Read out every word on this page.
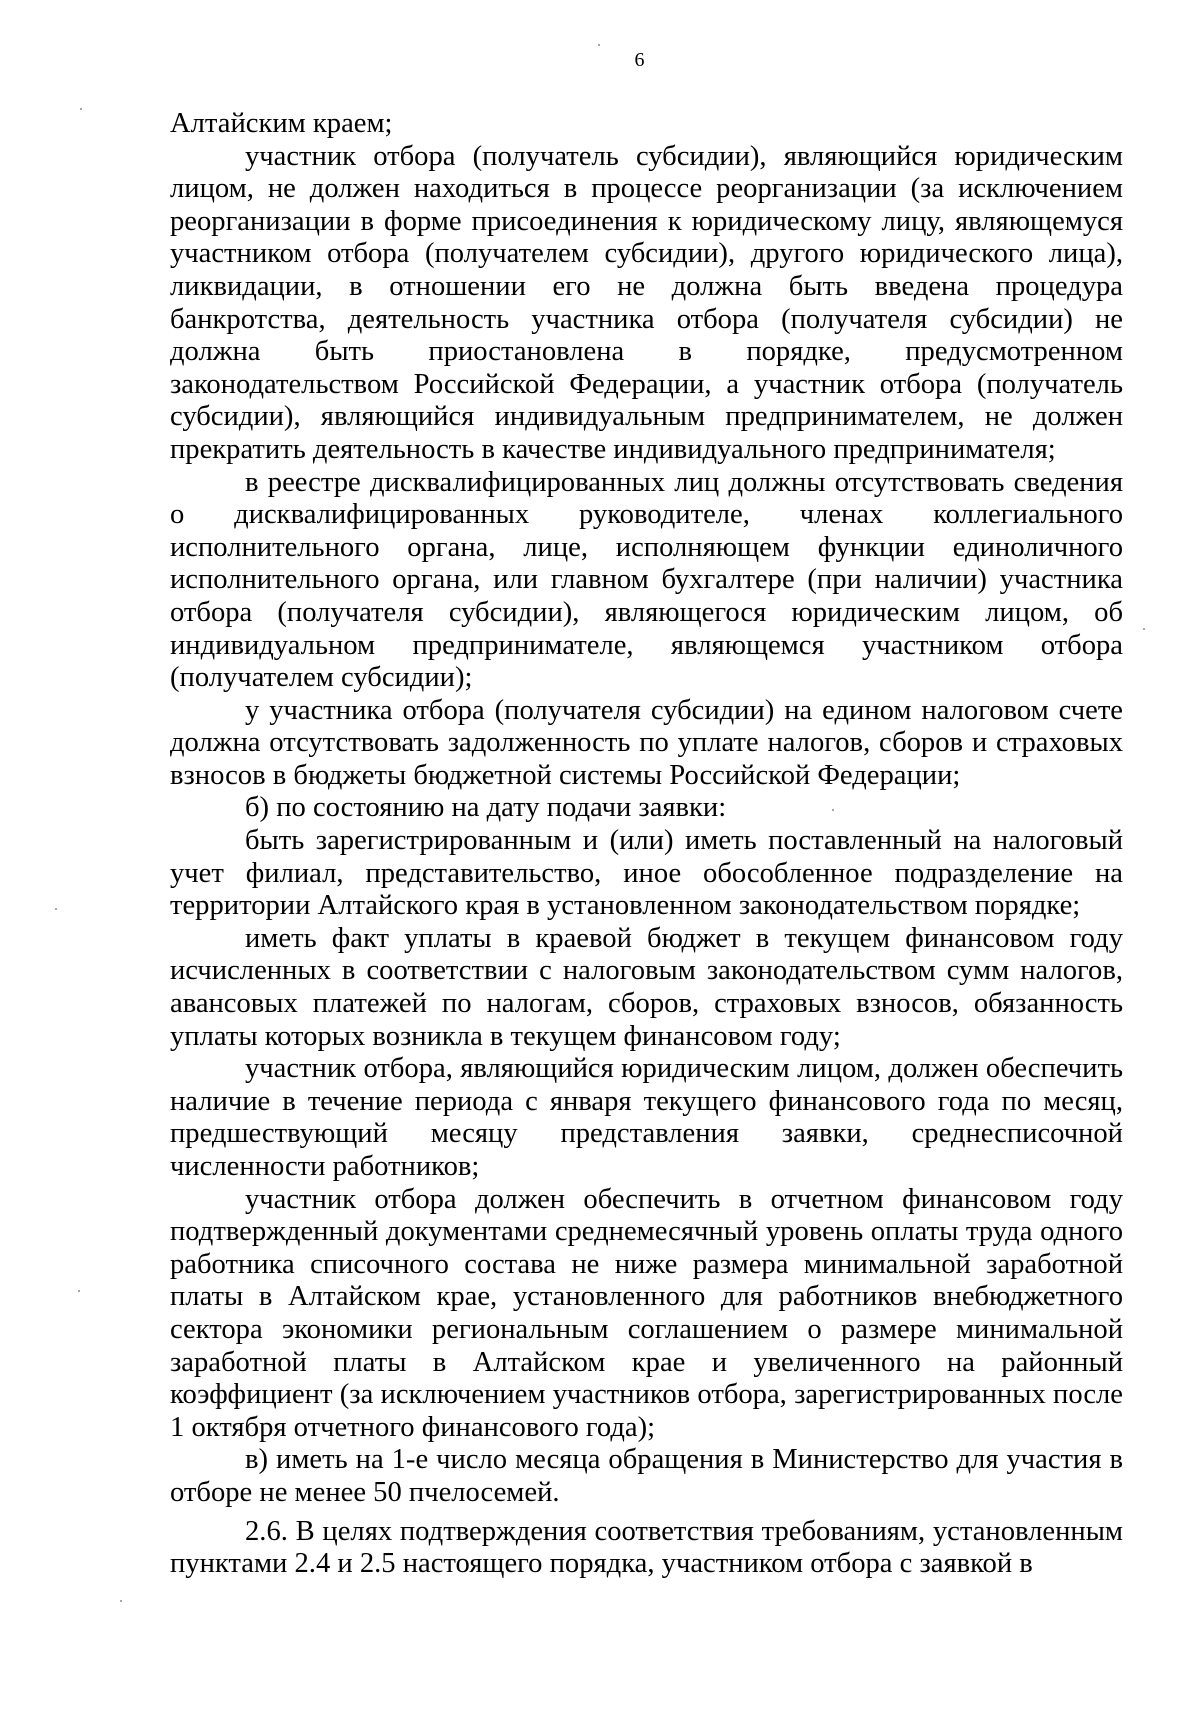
6

Алтайским краем;

участник отбора (получатель субсидии), являющийся юридическим лицом, не должен находиться в процессе реорганизации (за исключением реорганизации в форме присоединения к юридическому лицу, являющемуся участником отбора (получателем субсидии), другого юридического лица), ликвидации, в отношении его не должна быть введена процедура банкротства, деятельность участника отбора (получателя субсидии) не должна быть приостановлена в порядке, предусмотренном законодательством Российской Федерации, а участник отбора (получатель субсидии), являющийся индивидуальным предпринимателем, не должен прекратить деятельность в качестве индивидуального предпринимателя;

в реестре дисквалифицированных лиц должны отсутствовать сведения о дисквалифицированных руководителе, членах коллегиального исполнительного органа, лице, исполняющем функции единоличного исполнительного органа, или главном бухгалтере (при наличии) участника отбора (получателя субсидии), являющегося юридическим лицом, об индивидуальном предпринимателе, являющемся участником отбора (получателем субсидии);

у участника отбора (получателя субсидии) на едином налоговом счете должна отсутствовать задолженность по уплате налогов, сборов и страховых взносов в бюджеты бюджетной системы Российской Федерации;

б) по состоянию на дату подачи заявки:

быть зарегистрированным и (или) иметь поставленный на налоговый учет филиал, представительство, иное обособленное подразделение на территории Алтайского края в установленном законодательством порядке;

иметь факт уплаты в краевой бюджет в текущем финансовом году исчисленных в соответствии с налоговым законодательством сумм налогов, авансовых платежей по налогам, сборов, страховых взносов, обязанность уплаты которых возникла в текущем финансовом году;

участник отбора, являющийся юридическим лицом, должен обеспечить наличие в течение периода с января текущего финансового года по месяц, предшествующий месяцу представления заявки, среднесписочной численности работников;

участник отбора должен обеспечить в отчетном финансовом году подтвержденный документами среднемесячный уровень оплаты труда одного работника списочного состава не ниже размера минимальной заработной платы в Алтайском крае, установленного для работников внебюджетного сектора экономики региональным соглашением о размере минимальной заработной платы в Алтайском крае и увеличенного на районный коэффициент (за исключением участников отбора, зарегистрированных после 1 октября отчетного финансового года);

в) иметь на 1-е число месяца обращения в Министерство для участия в отборе не менее 50 пчелосемей.

2.6. В целях подтверждения соответствия требованиям, установленным пунктами 2.4 и 2.5 настоящего порядка, участником отбора с заявкой в
